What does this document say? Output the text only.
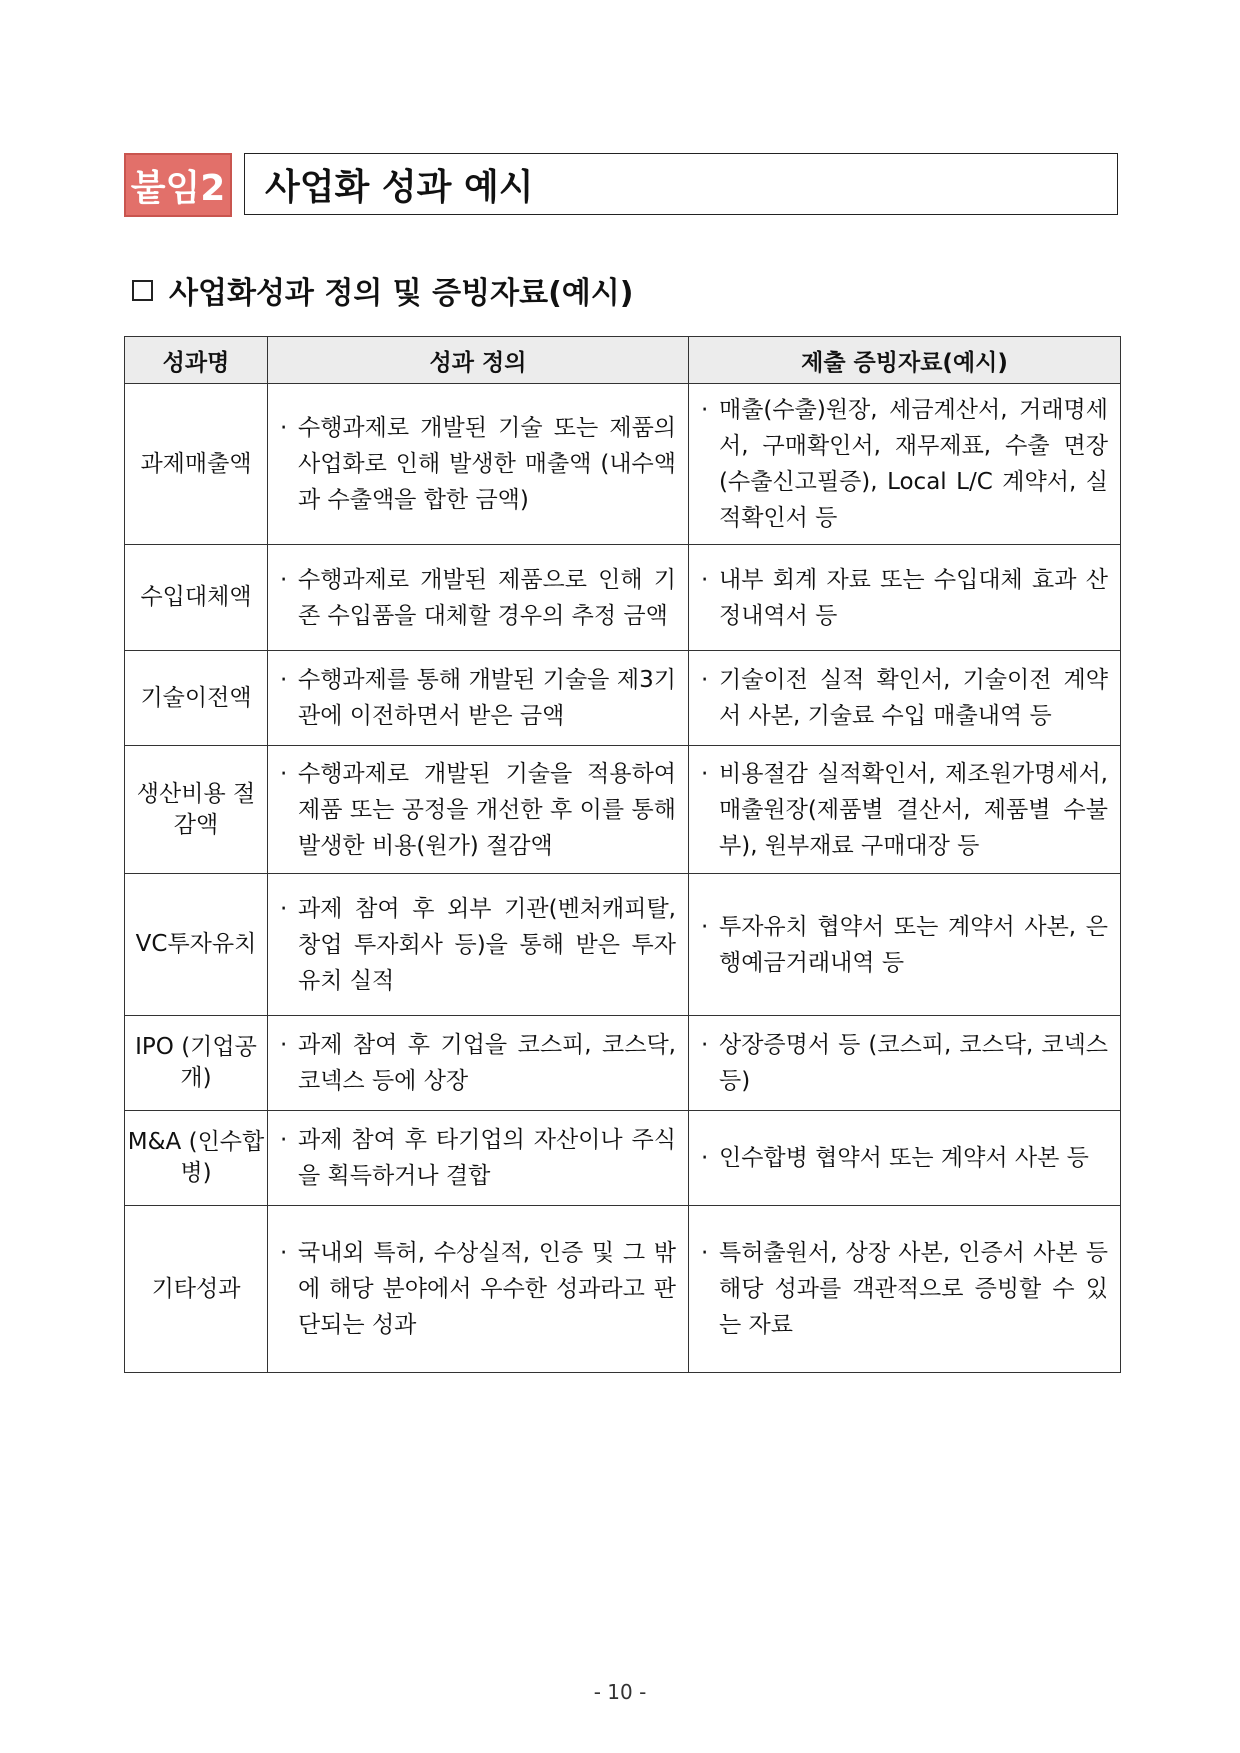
붙임2	사업화 성과 예시
사업화성과 정의 및 증빙자료(예시)
성과명	성과 정의	제출 증빙자료(예시)
과제매출액	· 수행과제로 개발된 기술 또는 제품의 사업화로 인해 발생한 매출액 (내수액과 수출액을 합한 금액)	· 매출(수출)원장, 세금계산서, 거래명세서, 구매확인서, 재무제표, 수출 면장(수출신고필증), Local L/C 계약서, 실적확인서 등

수입대체액	· 수행과제로 개발된 제품으로 인해 기존 수입품을 대체할 경우의 추정 금액	· 내부 회계 자료 또는 수입대체 효과 산정내역서 등

기술이전액	· 수행과제를 통해 개발된 기술을 제3기관에 이전하면서 받은 금액	· 기술이전 실적 확인서, 기술이전 계약서 사본, 기술료 수입 매출내역 등

생산비용 절감액	· 수행과제로 개발된 기술을 적용하여 제품 또는 공정을 개선한 후 이를 통해 발생한 비용(원가) 절감액	· 비용절감 실적확인서, 제조원가명세서, 매출원장(제품별 결산서, 제품별 수불부), 원부재료 구매대장 등

VC투자유치	· 과제 참여 후 외부 기관(벤처캐피탈, 창업 투자회사 등)을 통해 받은 투자유치 실적	· 투자유치 협약서 또는 계약서 사본, 은행예금거래내역 등

IPO (기업공개)	· 과제 참여 후 기업을 코스피, 코스닥, 코넥스 등에 상장	· 상장증명서 등 (코스피, 코스닥, 코넥스 등)

M&A (인수합병)	· 과제 참여 후 타기업의 자산이나 주식을 획득하거나 결합	· 인수합병 협약서 또는 계약서 사본 등

기타성과	· 국내외 특허, 수상실적, 인증 및 그 밖에 해당 분야에서 우수한 성과라고 판단되는 성과	· 특허출원서, 상장 사본, 인증서 사본 등 해당 성과를 객관적으로 증빙할 수 있는 자료
- 10 -
